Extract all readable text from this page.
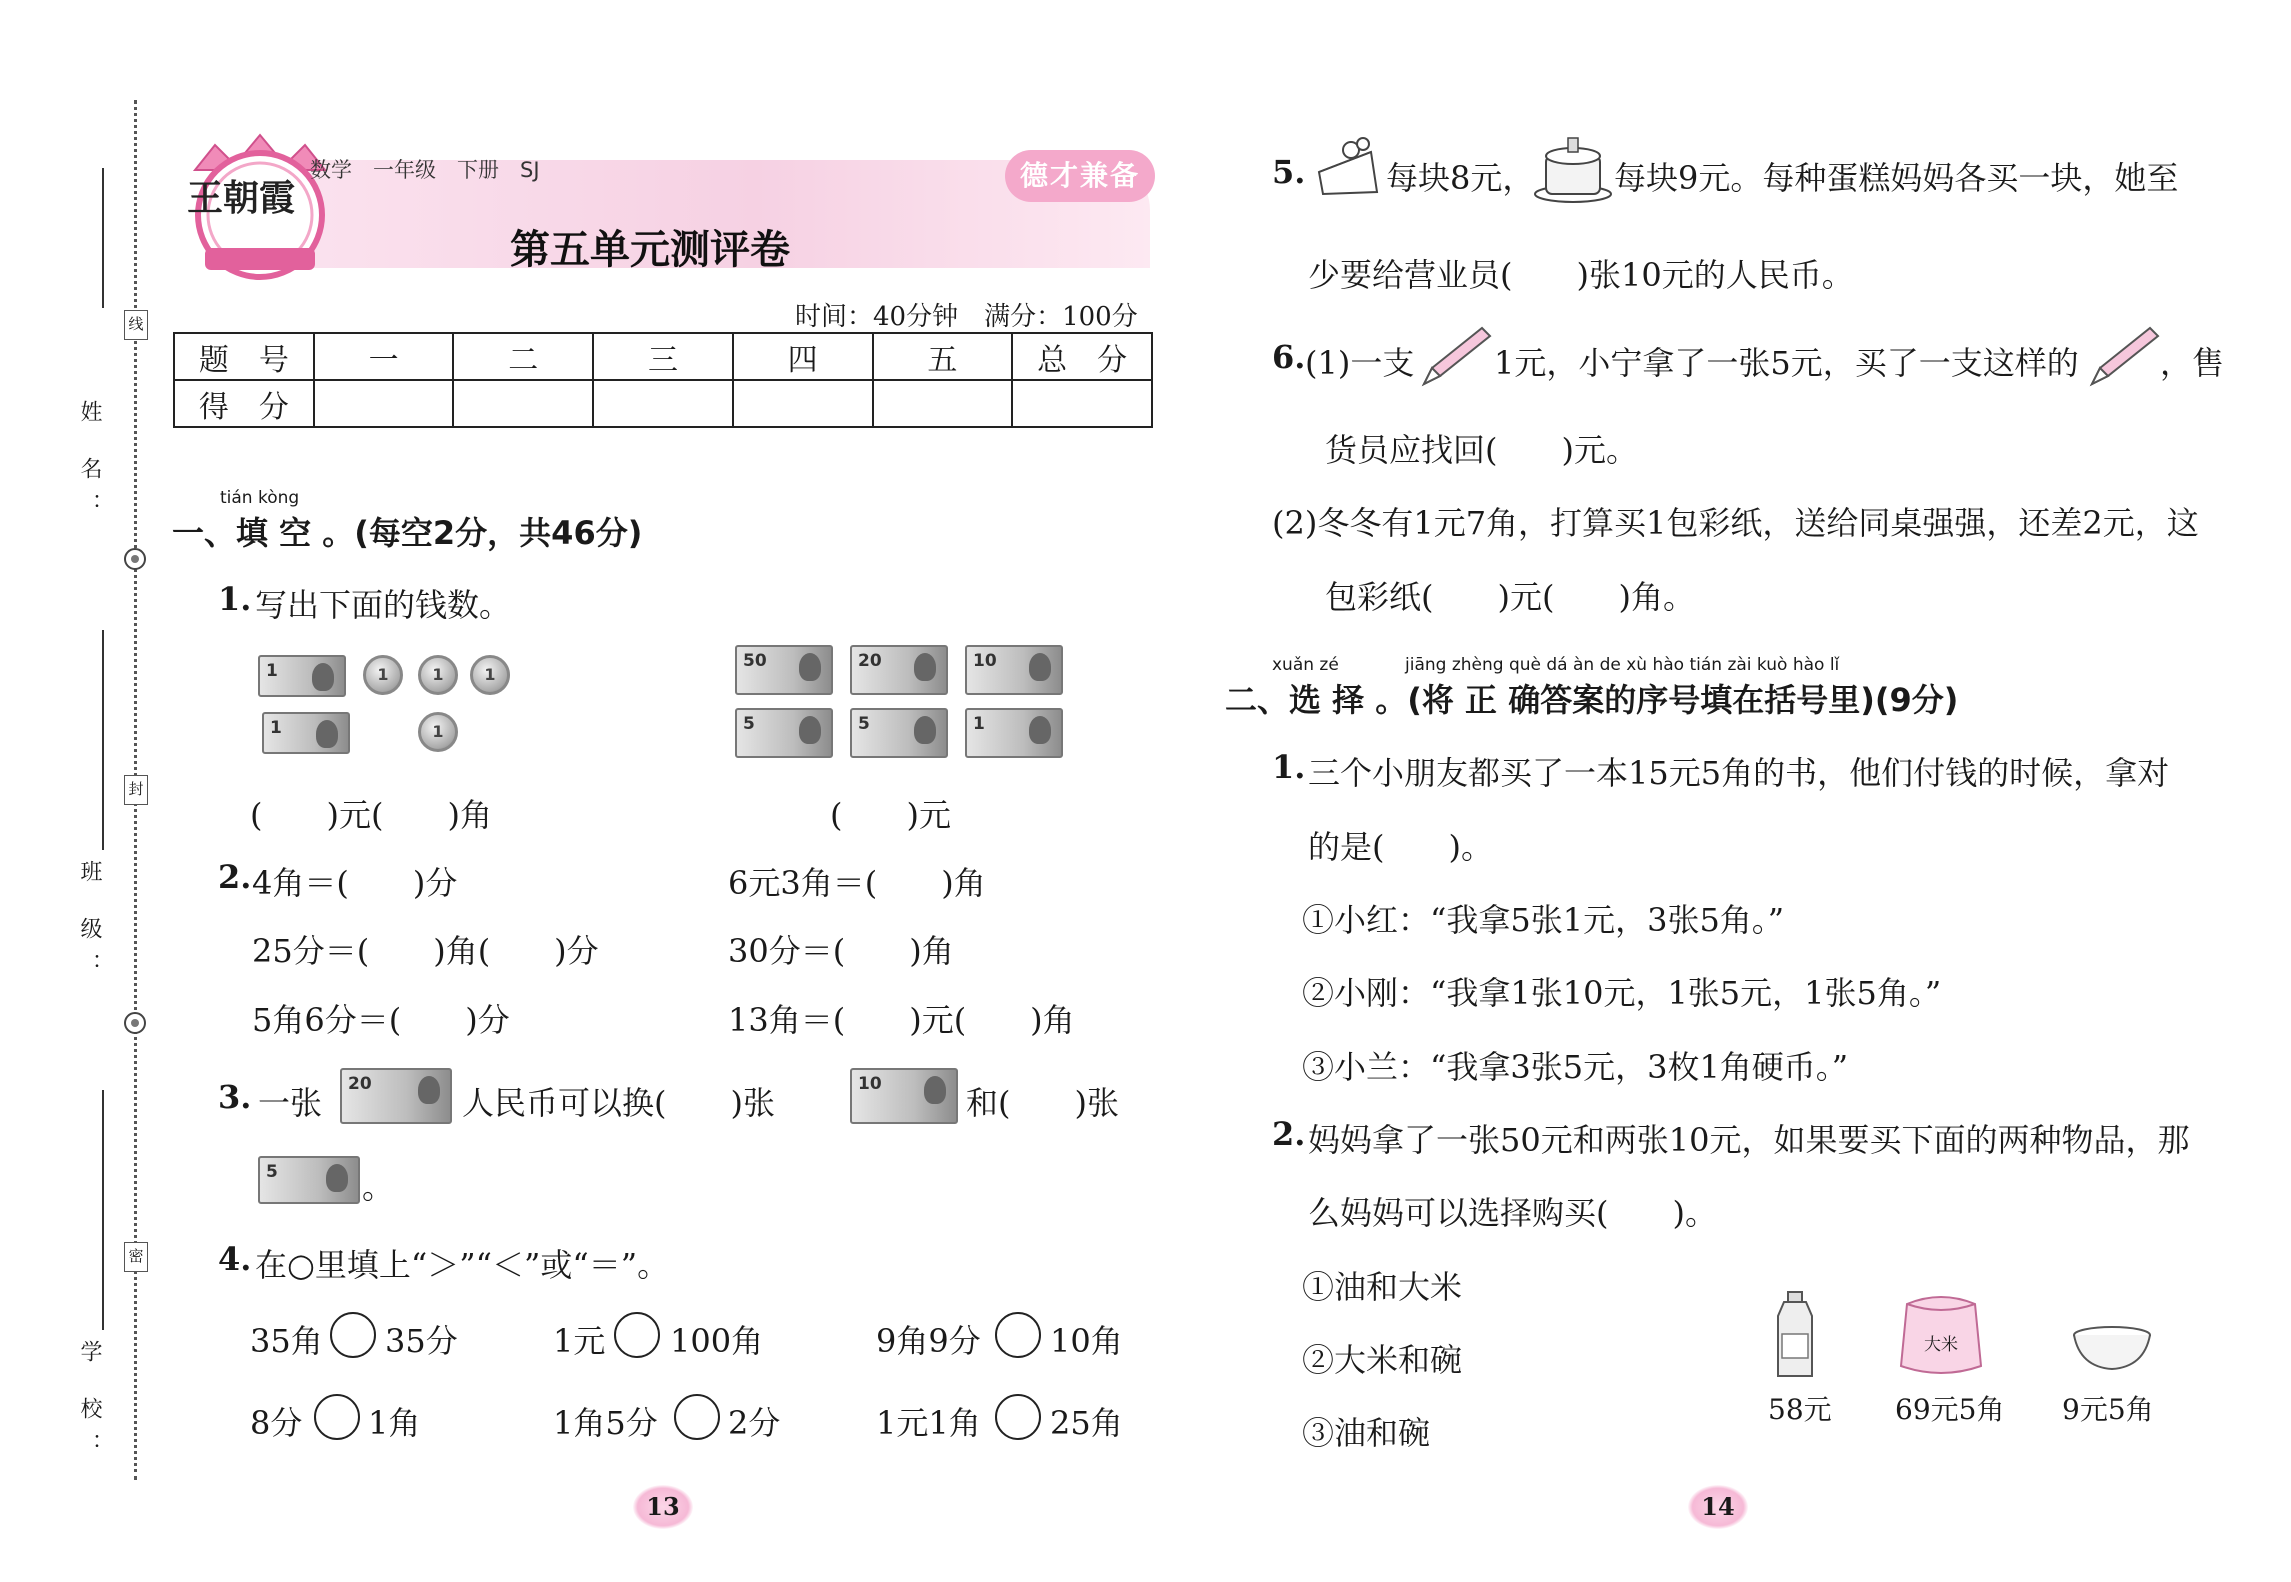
姓 名：
班 级：
学 校：
线
封
密
王朝霞
数学　一年级　下册　SJ	德才兼备
第五单元测评卷
时间：40分钟　满分：100分
题　号	一	二	三	四	五	总　分
得　分						
tián kòng
一、填 空 。(每空2分，共46分)
1. 写出下面的钱数。
1	1	1	1
1	1
50	20	10
5	5	1
(　　)元(　　)角	(　　)元
2. 4角＝(　　)分	6元3角＝(　　)角
25分＝(　　)角(　　)分	30分＝(　　)角
5角6分＝(　　)分	13角＝(　　)元(　　)角
3. 一张 20	人民币可以换(　　)张	10	和(　　)张
5	。
4. 在○里填上“＞”“＜”或“＝”。
35角 35分	1元 100角	9角9分 10角
8分 1角	1角5分 2分	1元1角 25角
13
5.	每块8元， 每块9元。每种蛋糕妈妈各买一块，她至
少要给营业员(　　)张10元的人民币。
6. (1)一支 1元，小宁拿了一张5元，买了一支这样的	，售
货员应找回(　　)元。
(2)冬冬有1元7角，打算买1包彩纸，送给同桌强强，还差2元，这
包彩纸(　　)元(　　)角。
xuǎn zé	jiāng zhèng què dá àn de xù hào tián zài kuò hào lǐ
二、选 择 。(将 正 确答案的序号填在括号里)(9分)
1. 三个小朋友都买了一本15元5角的书，他们付钱的时候，拿对
的是(　　)。
①小红：“我拿5张1元，3张5角。”
②小刚：“我拿1张10元，1张5元，1张5角。”
③小兰：“我拿3张5元，3枚1角硬币。”
2. 妈妈拿了一张50元和两张10元，如果要买下面的两种物品，那
么妈妈可以选择购买(　　)。
①油和大米
②大米和碗
③油和碗
大米
58元 69元5角 9元5角
14
